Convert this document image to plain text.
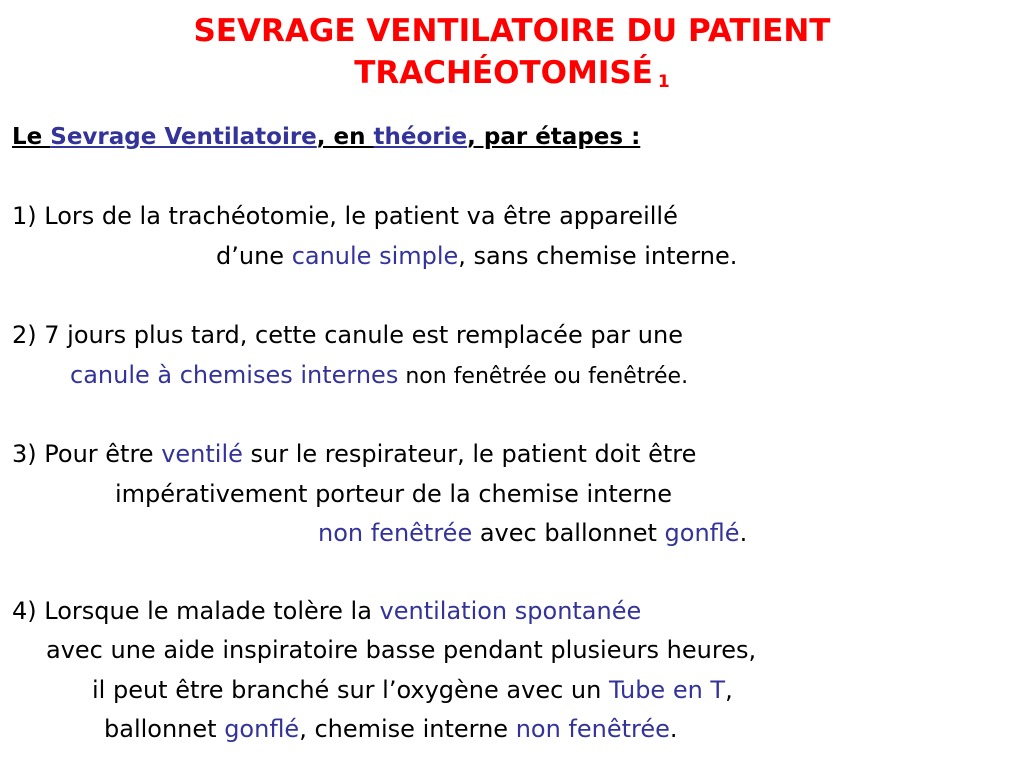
SEVRAGE VENTILATOIRE DU PATIENT
TRACHÉOTOMISÉ $_1$
Le Sevrage Ventilatoire, en théorie, par étapes :
1) Lors de la trachéotomie, le patient va être appareillé
d’une canule simple, sans chemise interne.
2) 7 jours plus tard, cette canule est remplacée par une
canule à chemises internes non fenêtrée ou fenêtrée.
3) Pour être ventilé sur le respirateur, le patient doit être
impérativement porteur de la chemise interne
non fenêtrée avec ballonnet gonflé.
4) Lorsque le malade tolère la ventilation spontanée
avec une aide inspiratoire basse pendant plusieurs heures,
il peut être branché sur l’oxygène avec un Tube en T,
ballonnet gonflé, chemise interne non fenêtrée.
